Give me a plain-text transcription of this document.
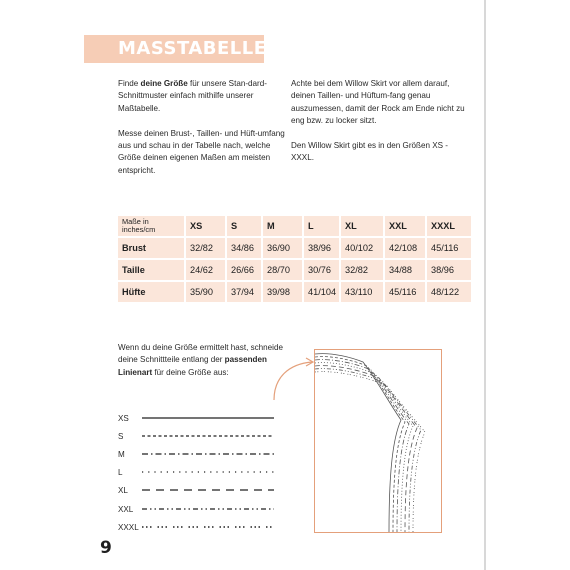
MASSTABELLE

Finde deine Größe für unsere Stan-dard-Schnittmuster einfach mithilfe unserer Maßtabelle.

Messe deinen Brust-, Taillen- und Hüft-umfang aus und schau in der Tabelle nach, welche Größe deinen eigenen Maßen am meisten entspricht.

Achte bei dem Willow Skirt vor allem darauf, deinen Taillen- und Hüftum-fang genau auszumessen, damit der Rock am Ende nicht zu eng bzw. zu locker sitzt.

Den Willow Skirt gibt es in den Größen XS - XXXL.

Maße in inches/cm	XS	S	M	L	XL	XXL	XXXL
Brust	32/82	34/86	36/90	38/96	40/102	42/108	45/116
Taille	24/62	26/66	28/70	30/76	32/82	34/88	38/96
Hüfte	35/90	37/94	39/98	41/104	43/110	45/116	48/122
Wenn du deine Größe ermittelt hast, schneide deine Schnittteile entlang der passenden Linienart für deine Größe aus:
XS
S
M
L
XL
XXL
XXXL
9
